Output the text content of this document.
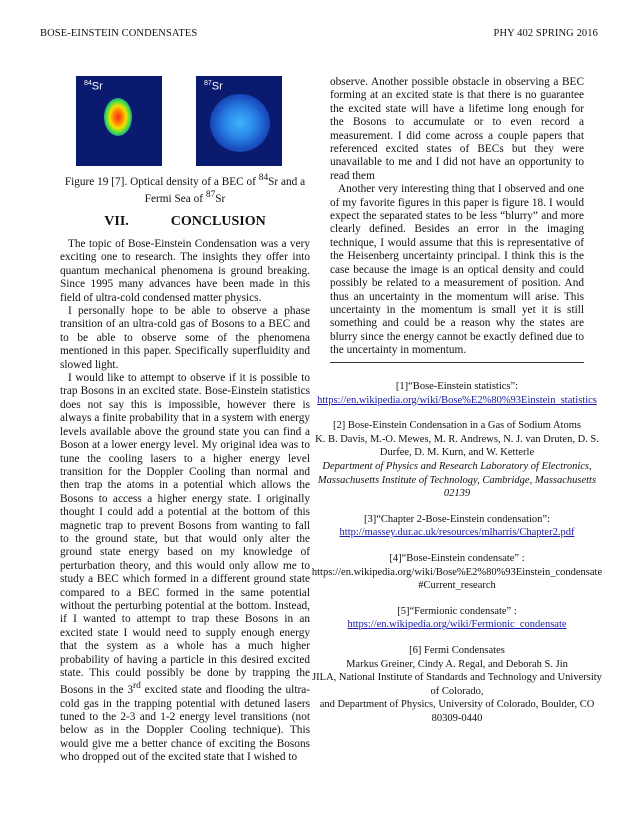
BOSE-EINSTEIN CONDENSATES	PHY 402 SPRING 2016
$^{84}$Sr	$^{87}$Sr
Figure 19 [7]. Optical density of a BEC of $^{84}$Sr and a Fermi Sea of $^{87}$Sr
VII.	CONCLUSION

The topic of Bose-Einstein Condensation was a very exciting one to research. The insights they offer into quantum mechanical phenomena is ground breaking. Since 1995 many advances have been made in this field of ultra-cold condensed matter physics.

I personally hope to be able to observe a phase transition of an ultra-cold gas of Bosons to a BEC and to be able to observe some of the phenomena mentioned in this paper. Specifically superfluidity and slowed light.

I would like to attempt to observe if it is possible to trap Bosons in an excited state. Bose-Einstein statistics does not say this is impossible, however there is always a finite probability that in a system with energy levels available above the ground state you can find a Boson at a lower energy level. My original idea was to tune the cooling lasers to a higher energy level transition for the Doppler Cooling than normal and then trap the atoms in a potential which allows the Bosons to access a higher energy state. I originally thought I could add a potential at the bottom of this magnetic trap to prevent Bosons from wanting to fall to the ground state, but that would only alter the ground state energy based on my knowledge of perturbation theory, and this would only allow me to study a BEC which formed in a different ground state compared to a BEC formed in the same potential without the perturbing potential at the bottom. Instead, if I wanted to attempt to trap these Bosons in an excited state I would need to supply enough energy that the system as a whole has a much higher probability of having a particle in this desired excited state. This could possibly be done by trapping the Bosons in the 3rd excited state and flooding the ultra-cold gas in the trapping potential with detuned lasers tuned to the 2-3 and 1-2 energy level transitions (not below as in the Doppler Cooling technique). This would give me a better chance of exciting the Bosons who dropped out of the excited state that I wished to

observe. Another possible obstacle in observing a BEC forming at an excited state is that there is no guarantee the excited state will have a lifetime long enough for the Bosons to accumulate or to even record a measurement. I did come across a couple papers that referenced excited states of BECs but they were unavailable to me and I did not have an opportunity to read them

Another very interesting thing that I observed and one of my favorite figures in this paper is figure 18. I would expect the separated states to be less “blurry” and more clearly defined. Besides an error in the imaging technique, I would assume that this is representative of the Heisenberg uncertainty principal. I think this is the case because the image is an optical density and could possibly be related to a measurement of position. And thus an uncertainty in the momentum will arise. This uncertainty in the momentum is small yet it is still something and could be a reason why the states are blurry since the energy cannot be exactly defined due to the uncertainty in momentum.

[1]“Bose-Einstein statistics”:
https://en.wikipedia.org/wiki/Bose%E2%80%93Einstein_statistics
[2] Bose-Einstein Condensation in a Gas of Sodium Atoms
K. B. Davis, M.-O. Mewes, M. R. Andrews, N. J. van Druten, D. S. Durfee, D. M. Kurn, and W. Ketterle
Department of Physics and Research Laboratory of Electronics, Massachusetts Institute of Technology, Cambridge, Massachusetts 02139
[3]“Chapter 2-Bose-Einstein condensation”:
http://massey.dur.ac.uk/resources/mlharris/Chapter2.pdf
[4]“Bose-Einstein condensate” :
https://en.wikipedia.org/wiki/Bose%E2%80%93Einstein_condensate#Current_research
[5]“Fermionic condensate” :
https://en.wikipedia.org/wiki/Fermionic_condensate
[6] Fermi Condensates
Markus Greiner, Cindy A. Regal, and Deborah S. Jin
JILA, National Institute of Standards and Technology and University of Colorado,
and Department of Physics, University of Colorado, Boulder, CO 80309-0440
